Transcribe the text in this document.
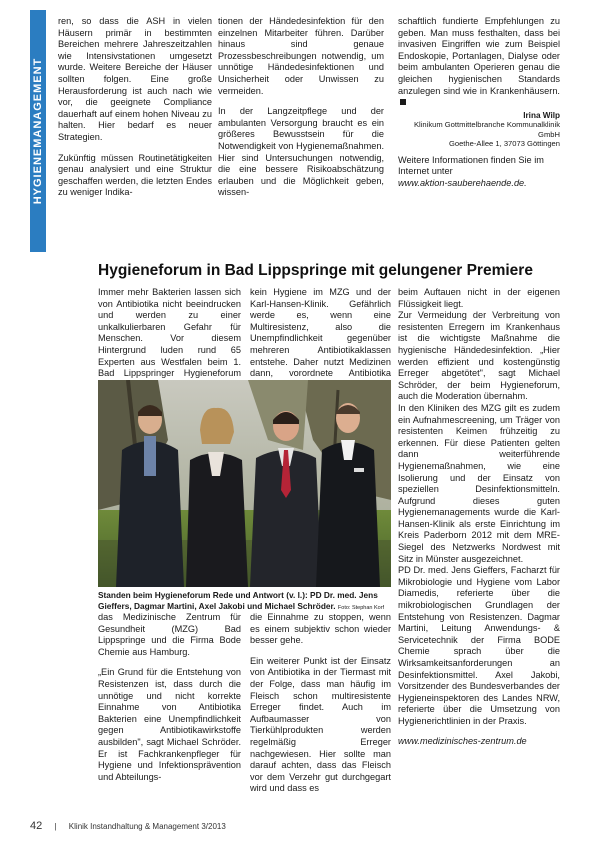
HYGIENEMANAGEMENT

ren, so dass die ASH in vielen Häusern primär in bestimmten Bereichen mehrere Jahreszeitzahlen wie Intensivstationen umgesetzt wurde. Weitere Bereiche der Häuser sollten folgen. Eine große Herausforderung ist auch nach wie vor, die geeignete Compliance dauerhaft auf einem hohen Niveau zu halten. Hier bedarf es neuer Strategien.

Zukünftig müssen Routinetätigkeiten genau analysiert und eine Struktur geschaffen werden, die letzten Endes zu weniger Indika-

tionen der Händedesinfektion für den einzelnen Mitarbeiter führen. Darüber hinaus sind genaue Prozessbeschreibungen notwendig, um unnötige Händedesinfektionen und Unsicherheit oder Unwissen zu vermeiden.

In der Langzeitpflege und der ambulanten Versorgung braucht es ein größeres Bewusstsein für die Notwendigkeit von Hygienemaßnahmen. Hier sind Untersuchungen notwendig, die eine bessere Risikoabschätzung erlauben und die Möglichkeit geben, wissen-

schaftlich fundierte Empfehlungen zu geben. Man muss festhalten, dass bei invasiven Eingriffen wie zum Beispiel Endoskopie, Portanlagen, Dialyse oder beim ambulanten Operieren genau die gleichen hygienischen Standards anzulegen sind wie in Krankenhäusern.

Irina Wilp
Klinikum Gottmittelbranche Kommunalklinik GmbH
Goethe-Allee 1, 37073 Göttingen

Weitere Informationen finden Sie im Internet unter
www.aktion-sauberehaende.de.

Hygieneforum in Bad Lippspringe mit gelungener Premiere

Immer mehr Bakterien lassen sich von Antibiotika nicht beeindrucken und werden zu einer unkalkulierbaren Gefahr für Menschen. Vor diesem Hintergrund luden rund 65 Experten aus Westfalen beim 1. Bad Lippspringer Hygieneforum

kein Hygiene im MZG und der Karl-Hansen-Klinik. Gefährlich werde es, wenn eine Multiresistenz, also die Unempfindlichkeit gegenüber mehreren Antibiotikaklassen entstehe. Daher nutzt Medizinen dann, vorordnete Antibiotika

Standen beim Hygieneforum Rede und Antwort (v. l.): PD Dr. med. Jens Gieffers, Dagmar Martini, Axel Jakobi und Michael Schröder. Foto: Stephan Korf

das Medizinische Zentrum für Gesundheit (MZG) Bad Lippspringe und die Firma Bode Chemie aus Hamburg.

„Ein Grund für die Entstehung von Resistenzen ist, dass durch die unnötige und nicht korrekte Einnahme von Antibiotika Bakterien eine Unempfindlichkeit gegen Antibiotikawirkstoffe ausbilden", sagt Michael Schröder. Er ist Fachkrankenpfleger für Hygiene und Infektionsprävention und Abteilungs-

die Einnahme zu stoppen, wenn es einem subjektiv schon wieder besser gehe.

Ein weiterer Punkt ist der Einsatz von Antibiotika in der Tiermast mit der Folge, dass man häufig im Fleisch schon multiresistente Erreger findet. Auch im Aufbaumasser von Tierkühlprodukten werden regelmäßig Erreger nachgewiesen. Hier sollte man darauf achten, dass das Fleisch vor dem Verzehr gut durchgegart wird und dass es

beim Auftauen nicht in der eigenen Flüssigkeit liegt.

Zur Vermeidung der Verbreitung von resistenten Erregern im Krankenhaus ist die wichtigste Maßnahme die hygienische Händedesinfektion. „Hier werden effizient und kostengünstig Erreger abgetötet", sagt Michael Schröder, der beim Hygieneforum, auch die Moderation übernahm.

In den Kliniken des MZG gilt es zudem ein Aufnahmescreening, um Träger von resistenten Keimen frühzeitig zu erkennen. Für diese Patienten gelten dann weiterführende Hygienemaßnahmen, wie eine Isolierung und der Einsatz von speziellen Desinfektionsmitteln. Aufgrund dieses guten Hygienemanagements wurde die Karl-Hansen-Klinik als erste Einrichtung im Kreis Paderborn 2012 mit dem MRE-Siegel des Netzwerks Nordwest mit Sitz in Münster ausgezeichnet.

PD Dr. med. Jens Gieffers, Facharzt für Mikrobiologie und Hygiene vom Labor Diamedis, referierte über die mikrobiologischen Grundlagen der Entstehung von Resistenzen. Dagmar Martini, Leitung Anwendungs- & Servicetechnik der Firma BODE Chemie sprach über die Wirksamkeitsanforderungen an Desinfektionsmittel. Axel Jakobi, Vorsitzender des Bundesverbandes der Hygieneinspektoren des Landes NRW, referierte über die Umsetzung von Hygienerichtlinien in der Praxis.

www.medizinisches-zentrum.de
42 | Klinik Instandhaltung & Management 3/2013
